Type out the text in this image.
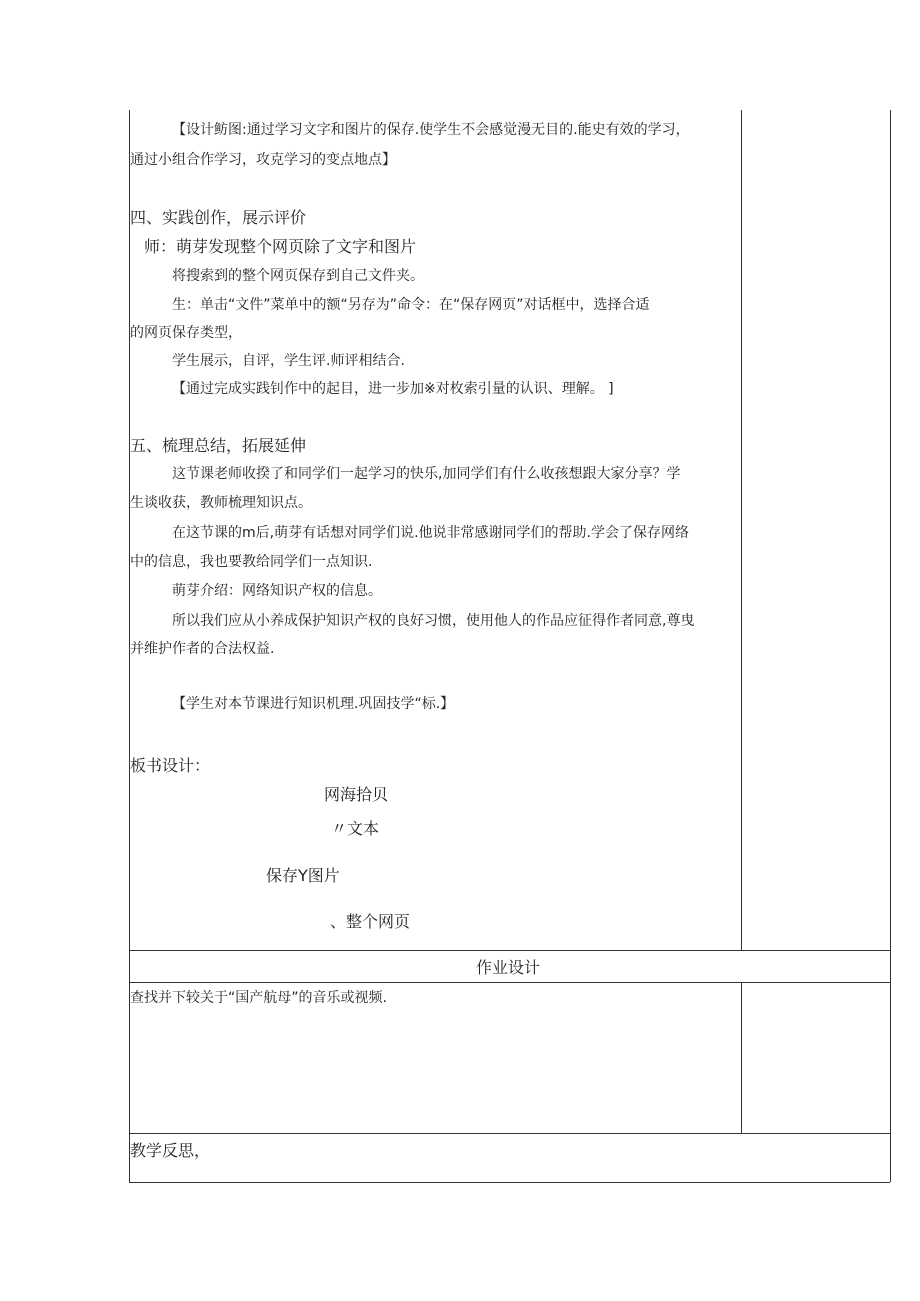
【设计鲂图:通过学习文字和图片的保存.使学生不会感觉漫无目的.能史有效的学习，
通过小组合作学习，攻克学习的变点地点】
四、实践创作，展示评价
师：萌芽发现整个网页除了文字和图片
将搜索到的整个网页保存到自己文件夹。
生：单击“文件”菜单中的额“另存为”命令：在“保存网页”对话框中，选择合适
的网页保存类型，
学生展示，自评，学生评.师评相结合.
【通过完成实践钊作中的起目，进一步加※对枚索引量的认识、理解。 ]
五、梳理总结，拓展延伸
这节课老师收揆了和同学们一起学习的快乐,加同学们有什么收孩想跟大家分享？学
生谈收获，教师梳理知识点。
在这节课的m后,萌芽有话想对同学们说.他说非常感谢同学们的帮助.学会了保存网络
中的信息，我也要教给同学们一点知识.
萌芽介绍：网络知识产权的信息。
所以我们应从小养成保护知识产权的良好习惯，使用他人的作品应征得作者同意,尊曳
并维护作者的合法权益.
【学生对本节课进行知识机理.巩固技学“标.】
板书设计：
网海拾贝
〃文本
保存Y图片
、整个网页
作业设计
查找并下较关于“国产航母”的音乐或视频.
教学反思，
